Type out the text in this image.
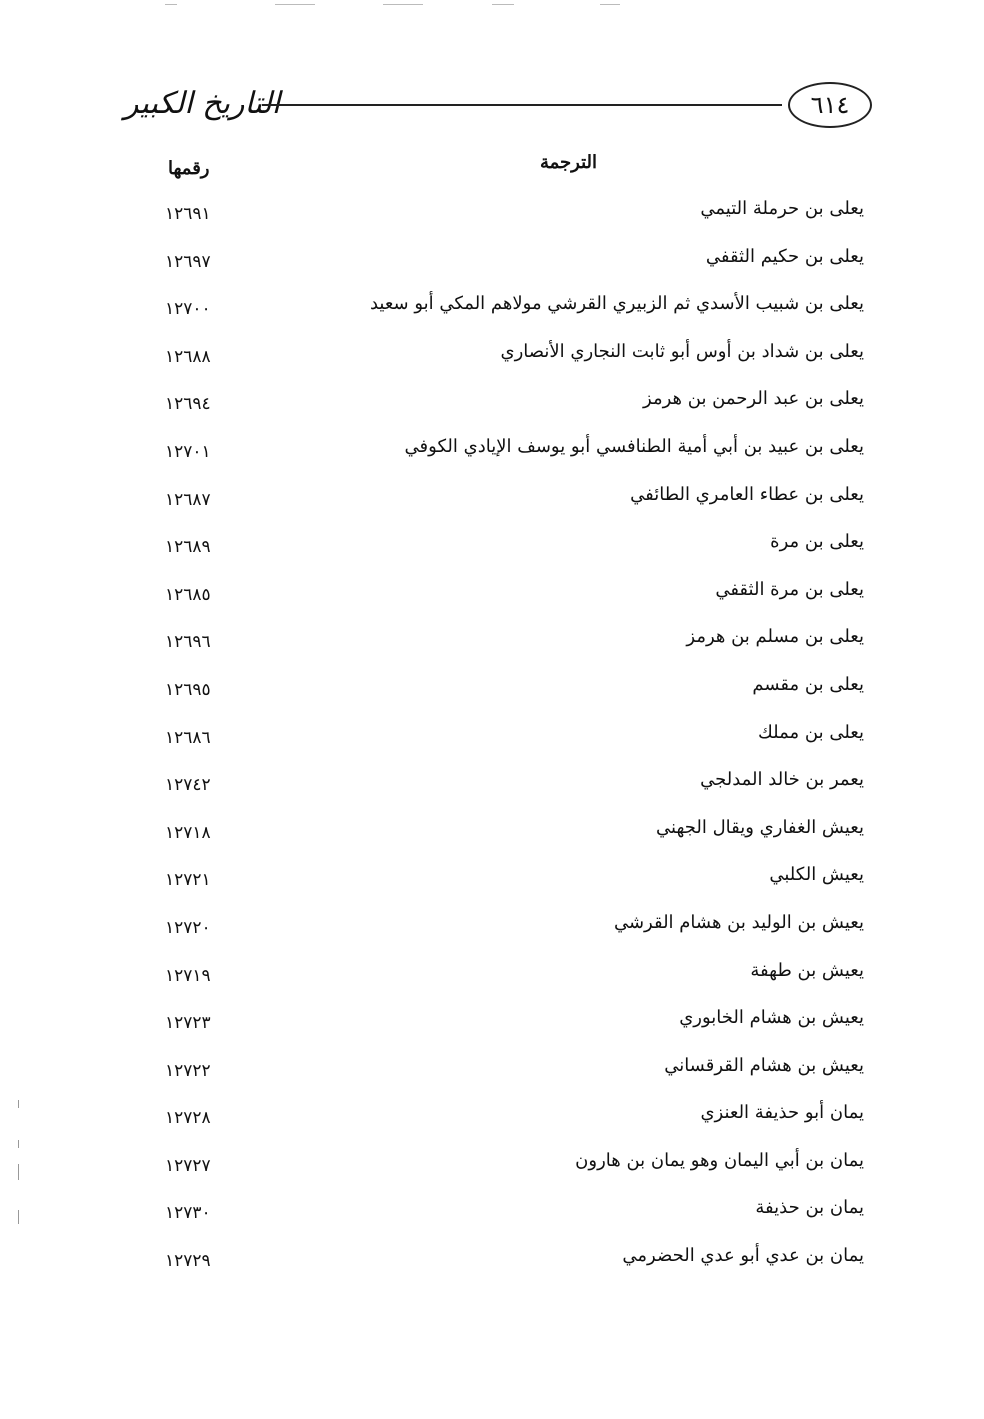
التاريخ الكبير	٦١٤
الترجمة
رقمها
يعلى بن حرملة التيمي
١٢٦٩١
يعلى بن حكيم الثقفي
١٢٦٩٧
يعلى بن شبيب الأسدي ثم الزبيري القرشي مولاهم المكي أبو سعيد
١٢٧٠٠
يعلى بن شداد بن أوس أبو ثابت النجاري الأنصاري
١٢٦٨٨
يعلى بن عبد الرحمن بن هرمز
١٢٦٩٤
يعلى بن عبيد بن أبي أمية الطنافسي أبو يوسف الإيادي الكوفي
١٢٧٠١
يعلى بن عطاء العامري الطائفي
١٢٦٨٧
يعلى بن مرة
١٢٦٨٩
يعلى بن مرة الثقفي
١٢٦٨٥
يعلى بن مسلم بن هرمز
١٢٦٩٦
يعلى بن مقسم
١٢٦٩٥
يعلى بن مملك
١٢٦٨٦
يعمر بن خالد المدلجي
١٢٧٤٢
يعيش الغفاري ويقال الجهني
١٢٧١٨
يعيش الكلبي
١٢٧٢١
يعيش بن الوليد بن هشام القرشي
١٢٧٢٠
يعيش بن طهفة
١٢٧١٩
يعيش بن هشام الخابوري
١٢٧٢٣
يعيش بن هشام القرقساني
١٢٧٢٢
يمان أبو حذيفة العنزي
١٢٧٢٨
يمان بن أبي اليمان وهو يمان بن هارون
١٢٧٢٧
يمان بن حذيفة
١٢٧٣٠
يمان بن عدي أبو عدي الحضرمي
١٢٧٢٩
